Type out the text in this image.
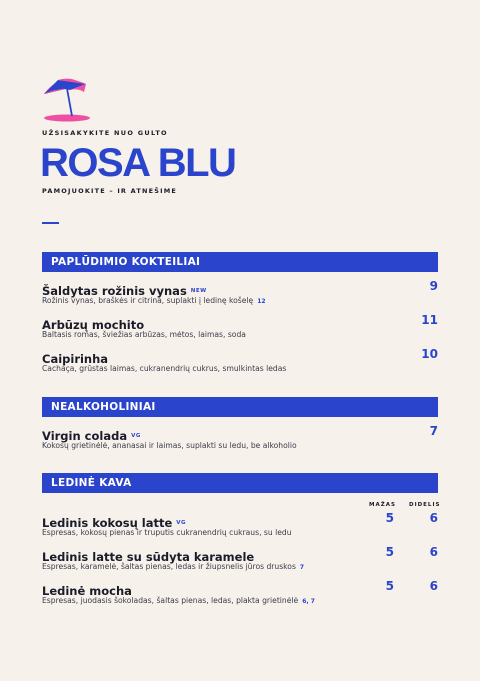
UŽSISAKYKITE NUO GULTO
ROSA BLU
PAMOJUOKITE – IR ATNEŠIME
PAPLŪDIMIO KOKTEILIAI
Šaldytas rožinis vynas NEW
Rožinis vynas, braškės ir citrina, suplakti į ledinę košelę 12
9
Arbūzų mochito
Baltasis romas, šviežias arbūzas, mėtos, laimas, soda
11
Caipirinha
Cachaça, grūstas laimas, cukranendrių cukrus, smulkintas ledas
10
NEALKOHOLINIAI
Virgin colada VG
Kokosų grietinėlė, ananasai ir laimas, suplakti su ledu, be alkoholio
7
LEDINĖ KAVA
MAŽAS DIDELIS
Ledinis kokosų latte VG
Espresas, kokosų pienas ir truputis cukranendrių cukraus, su ledu
5	6
Ledinis latte su sūdyta karamele
Espresas, karamelė, šaltas pienas, ledas ir žiupsnelis jūros druskos 7
5	6
Ledinė mocha
Espresas, juodasis šokoladas, šaltas pienas, ledas, plakta grietinėlė 6, 7
5	6
